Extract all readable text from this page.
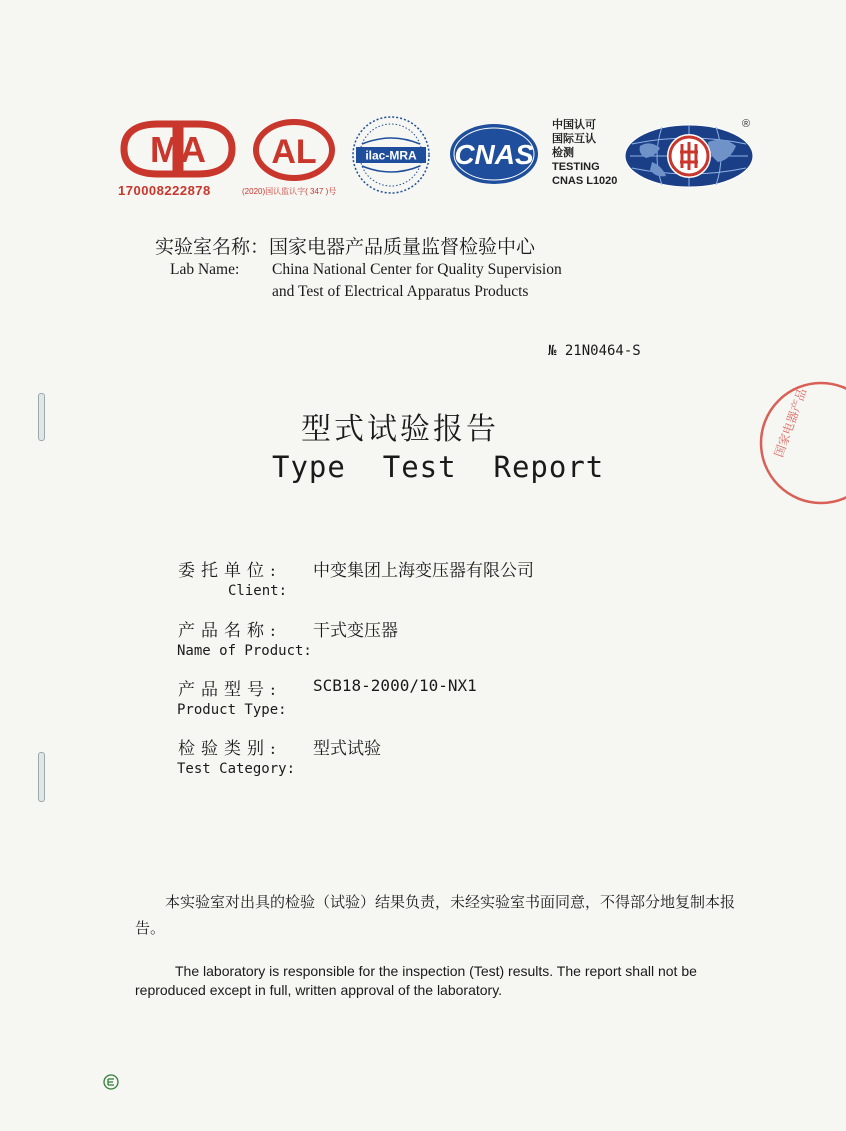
MA
170008222878
AL
(2020)国认监认字( 347 )号
ilac-MRA CNAS
中国认可
国际互认
检测
TESTING
CNAS L1020
®
实验室名称：国家电器产品质量监督检验中心
Lab Name: China National Center for Quality Supervision
and Test of Electrical Apparatus Products
№ 21N0464-S
型式试验报告
Type  Test  Report
委托单位: 中变集团上海变压器有限公司
Client:
产品名称: 干式变压器
Name of Product:
产品型号: SCB18-2000/10-NX1
Product Type:
检验类别: 型式试验
Test Category:
本实验室对出具的检验（试验）结果负责，未经实验室书面同意，不得部分地复制本报告。
The laboratory is responsible for the inspection (Test) results. The report shall not be reproduced except in full, written approval of the laboratory.
国家电器产品
